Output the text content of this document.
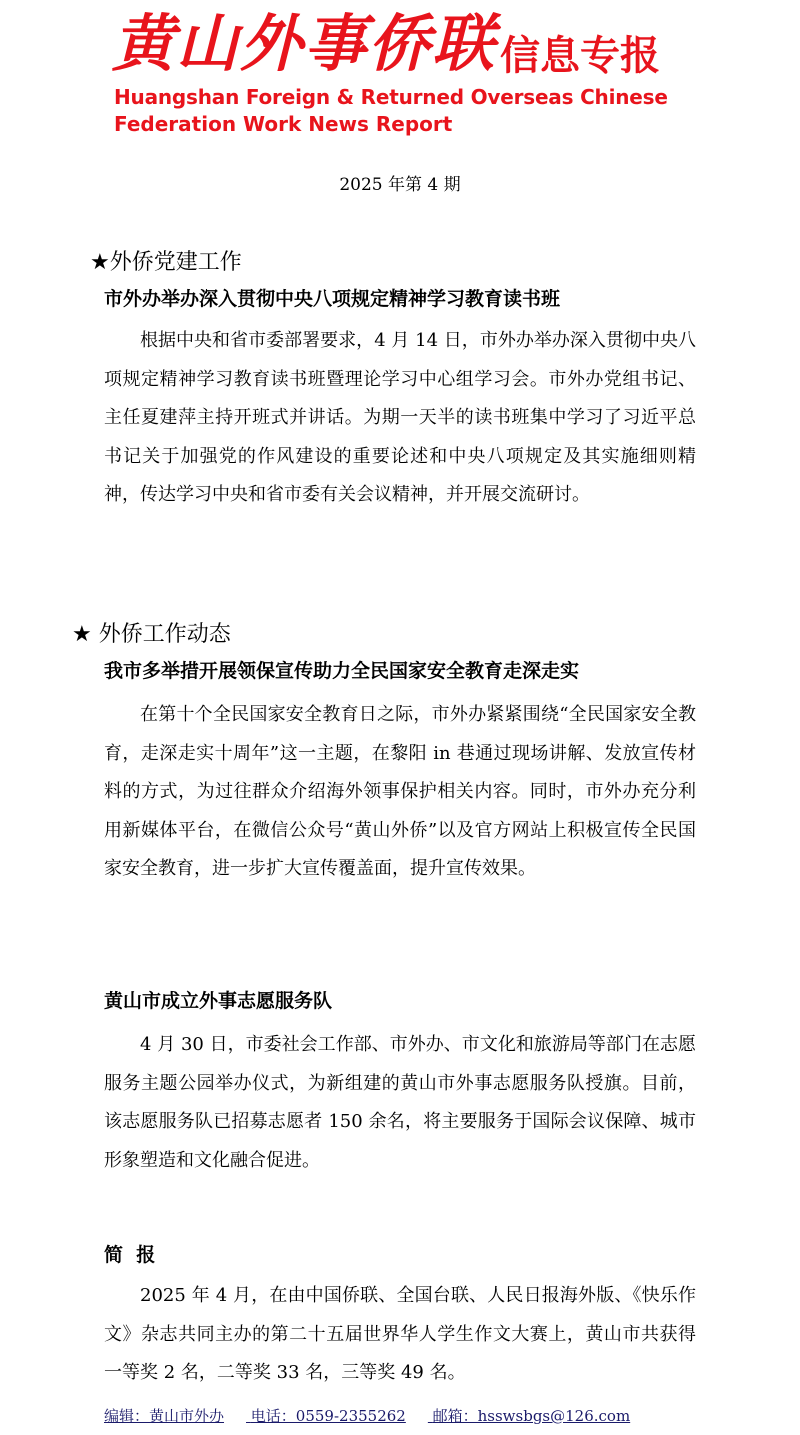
黄山外事侨联 信息专报
Huangshan Foreign & Returned Overseas Chinese
Federation Work News Report
2025 年第 4 期
★外侨党建工作
市外办举办深入贯彻中央八项规定精神学习教育读书班

根据中央和省市委部署要求，4 月 14 日，市外办举办深入贯彻中央八项规定精神学习教育读书班暨理论学习中心组学习会。市外办党组书记、主任夏建萍主持开班式并讲话。为期一天半的读书班集中学习了习近平总书记关于加强党的作风建设的重要论述和中央八项规定及其实施细则精神，传达学习中央和省市委有关会议精神，并开展交流研讨。

★ 外侨工作动态
我市多举措开展领保宣传助力全民国家安全教育走深走实

在第十个全民国家安全教育日之际，市外办紧紧围绕“全民国家安全教育，走深走实十周年”这一主题，在黎阳 in 巷通过现场讲解、发放宣传材料的方式，为过往群众介绍海外领事保护相关内容。同时，市外办充分利用新媒体平台，在微信公众号“黄山外侨”以及官方网站上积极宣传全民国家安全教育，进一步扩大宣传覆盖面，提升宣传效果。

黄山市成立外事志愿服务队

4 月 30 日，市委社会工作部、市外办、市文化和旅游局等部门在志愿服务主题公园举办仪式，为新组建的黄山市外事志愿服务队授旗。目前，该志愿服务队已招募志愿者 150 余名，将主要服务于国际会议保障、城市形象塑造和文化融合促进。

简  报

2025 年 4 月，在由中国侨联、全国台联、人民日报海外版、《快乐作文》杂志共同主办的第二十五届世界华人学生作文大赛上，黄山市共获得一等奖 2 名，二等奖 33 名，三等奖 49 名。

编辑：黄山市外办 电话：0559-2355262 邮箱：hsswsbgs@126.com
